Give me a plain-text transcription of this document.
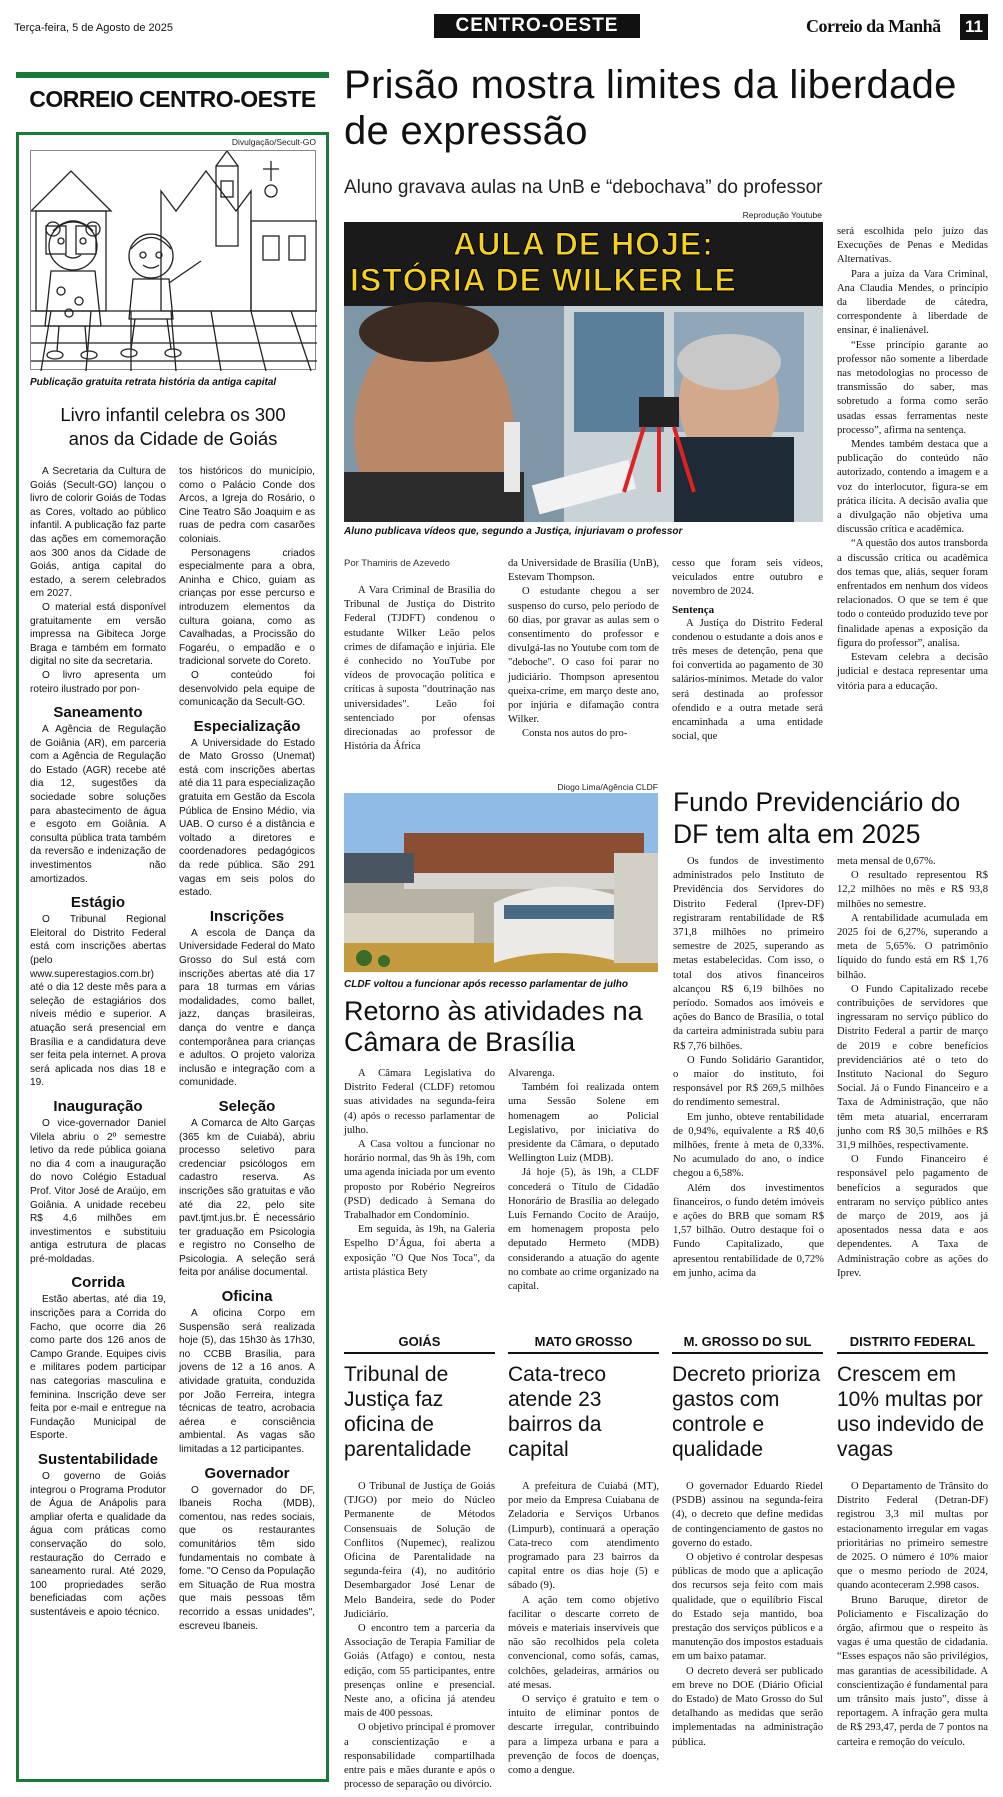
Terça-feira, 5 de Agosto de 2025	CENTRO-OESTE	Correio da Manhã 11
CORREIO CENTRO-OESTE
Divulgação/Secult-GO
Publicação gratuita retrata história da antiga capital
Livro infantil celebra os 300 anos da Cidade de Goiás

A Secretaria da Cultura de Goiás (Secult-GO) lançou o livro de colorir Goiás de Todas as Cores, voltado ao público infantil. A publicação faz parte das ações em comemoração aos 300 anos da Cidade de Goiás, antiga capital do estado, a serem celebrados em 2027.

O material está disponível gratuitamente em versão impressa na Gibiteca Jorge Braga e também em formato digital no site da secretaria.

O livro apresenta um roteiro ilustrado por pon-

Saneamento

A Agência de Regulação de Goiânia (AR), em parceria com a Agência de Regulação do Estado (AGR) recebe até dia 12, sugestões da sociedade sobre soluções para abastecimento de água e esgoto em Goiânia. A consulta pública trata também da reversão e indenização de investimentos não amortizados.

Estágio

O Tribunal Regional Eleitoral do Distrito Federal está com inscrições abertas (pelo www.superestagios.com.br) até o dia 12 deste mês para a seleção de estagiários dos níveis médio e superior. A atuação será presencial em Brasília e a candidatura deve ser feita pela internet. A prova será aplicada nos dias 18 e 19.

Inauguração

O vice-governador Daniel Vilela abriu o 2º semestre letivo da rede pública goiana no dia 4 com a inauguração do novo Colégio Estadual Prof. Vitor José de Araújo, em Goiânia. A unidade recebeu R$ 4,6 milhões em investimentos e substituiu antiga estrutura de placas pré-moldadas.

Corrida

Estão abertas, até dia 19, inscrições para a Corrida do Facho, que ocorre dia 26 como parte dos 126 anos de Campo Grande. Equipes civis e militares podem participar nas categorias masculina e feminina. Inscrição deve ser feita por e-mail e entregue na Fundação Municipal de Esporte.

Sustentabilidade

O governo de Goiás integrou o Programa Produtor de Água de Anápolis para ampliar oferta e qualidade da água com práticas como conservação do solo, restauração do Cerrado e saneamento rural. Até 2029, 100 propriedades serão beneficiadas com ações sustentáveis e apoio técnico.

tos históricos do município, como o Palácio Conde dos Arcos, a Igreja do Rosário, o Cine Teatro São Joaquim e as ruas de pedra com casarões coloniais.

Personagens criados especialmente para a obra, Aninha e Chico, guiam as crianças por esse percurso e introduzem elementos da cultura goiana, como as Cavalhadas, a Procissão do Fogaréu, o empadão e o tradicional sorvete do Coreto.

O conteúdo foi desenvolvido pela equipe de comunicação da Secult-GO.

Especialização

A Universidade do Estado de Mato Grosso (Unemat) está com inscrições abertas até dia 11 para especialização gratuita em Gestão da Escola Pública de Ensino Médio, via UAB. O curso é a distância e voltado a diretores e coordenadores pedagógicos da rede pública. São 291 vagas em seis polos do estado.

Inscrições

A escola de Dança da Universidade Federal do Mato Grosso do Sul está com inscrições abertas até dia 17 para 18 turmas em várias modalidades, como ballet, jazz, danças brasileiras, dança do ventre e dança contemporânea para crianças e adultos. O projeto valoriza inclusão e integração com a comunidade.

Seleção

A Comarca de Alto Garças (365 km de Cuiabá), abriu processo seletivo para credenciar psicólogos em cadastro reserva. As inscrições são gratuitas e vão até dia 22, pelo site pavt.tjmt.jus.br. É necessário ter graduação em Psicologia e registro no Conselho de Psicologia. A seleção será feita por análise documental.

Oficina

A oficina Corpo em Suspensão será realizada hoje (5), das 15h30 às 17h30, no CCBB Brasília, para jovens de 12 a 16 anos. A atividade gratuita, conduzida por João Ferreira, integra técnicas de teatro, acrobacia aérea e consciência ambiental. As vagas são limitadas a 12 participantes.

Governador

O governador do DF, Ibaneis Rocha (MDB), comentou, nas redes sociais, que os restaurantes comunitários têm sido fundamentais no combate à fome. "O Censo da População em Situação de Rua mostra que mais pessoas têm recorrido a essas unidades", escreveu Ibaneis.

Prisão mostra limites da liberdade de expressão
Aluno gravava aulas na UnB e “debochava” do professor
Reprodução Youtube
AULA DE HOJE:
ISTÓRIA DE WILKER LE
Aluno publicava vídeos que, segundo a Justiça, injuriavam o professor
Por Thamiris de Azevedo

A Vara Criminal de Brasília do Tribunal de Justiça do Distrito Federal (TJDFT) condenou o estudante Wilker Leão pelos crimes de difamação e injúria. Ele é conhecido no YouTube por vídeos de provocação política e críticas à suposta "doutrinação nas universidades". Leão foi sentenciado por ofensas direcionadas ao professor de História da África

da Universidade de Brasília (UnB), Estevam Thompson.

O estudante chegou a ser suspenso do curso, pelo período de 60 dias, por gravar as aulas sem o consentimento do professor e divulgá-las no Youtube com tom de "deboche". O caso foi parar no judiciário. Thompson apresentou queixa-crime, em março deste ano, por injúria e difamação contra Wilker.

Consta nos autos do pro-

cesso que foram seis vídeos, veiculados entre outubro e novembro de 2024.

Sentença

A Justiça do Distrito Federal condenou o estudante a dois anos e três meses de detenção, pena que foi convertida ao pagamento de 30 salários-mínimos. Metade do valor será destinada ao professor ofendido e a outra metade será encaminhada a uma entidade social, que

será escolhida pelo juízo das Execuções de Penas e Medidas Alternativas.

Para a juíza da Vara Criminal, Ana Claudia Mendes, o princípio da liberdade de cátedra, correspondente à liberdade de ensinar, é inalienável.

“Esse princípio garante ao professor não somente a liberdade nas metodologias no processo de transmissão do saber, mas sobretudo a forma como serão usadas essas ferramentas neste processo”, afirma na sentença.

Mendes também destaca que a publicação do conteúdo não autorizado, contendo a imagem e a voz do interlocutor, figura-se em prática ilícita. A decisão avalia que a divulgação não objetiva uma discussão crítica e acadêmica.

“A questão dos autos transborda a discussão crítica ou acadêmica dos temas que, aliás, sequer foram enfrentados em nenhum dos vídeos relacionados. O que se tem é que todo o conteúdo produzido teve por finalidade apenas a exposição da figura do professor”, analisa.

Estevam celebra a decisão judicial e destaca representar uma vitória para a educação.

Diogo Lima/Agência CLDF
CLDF voltou a funcionar após recesso parlamentar de julho
Retorno às atividades na Câmara de Brasília

A Câmara Legislativa do Distrito Federal (CLDF) retomou suas atividades na segunda-feira (4) após o recesso parlamentar de julho.

A Casa voltou a funcionar no horário normal, das 9h às 19h, com uma agenda iniciada por um evento proposto por Robério Negreiros (PSD) dedicado à Semana do Trabalhador em Condomínio.

Em seguida, às 19h, na Galeria Espelho D’Água, foi aberta a exposição "O Que Nos Toca", da artista plástica Bety

Alvarenga.

Também foi realizada ontem uma Sessão Solene em homenagem ao Policial Legislativo, por iniciativa do presidente da Câmara, o deputado Wellington Luiz (MDB).

Já hoje (5), às 19h, a CLDF concederá o Título de Cidadão Honorário de Brasília ao delegado Luís Fernando Cocito de Araújo, em homenagem proposta pelo deputado Hermeto (MDB) considerando a atuação do agente no combate ao crime organizado na capital.

Fundo Previdenciário do DF tem alta em 2025

Os fundos de investimento administrados pelo Instituto de Previdência dos Servidores do Distrito Federal (Iprev-DF) registraram rentabilidade de R$ 371,8 milhões no primeiro semestre de 2025, superando as metas estabelecidas. Com isso, o total dos ativos financeiros alcançou R$ 6,19 bilhões no período. Somados aos imóveis e ações do Banco de Brasília, o total da carteira administrada subiu para R$ 7,76 bilhões.

O Fundo Solidário Garantidor, o maior do instituto, foi responsável por R$ 269,5 milhões do rendimento semestral.

Em junho, obteve rentabilidade de 0,94%, equivalente a R$ 40,6 milhões, frente à meta de 0,33%. No acumulado do ano, o índice chegou a 6,58%.

Além dos investimentos financeiros, o fundo detém imóveis e ações do BRB que somam R$ 1,57 bilhão. Outro destaque foi o Fundo Capitalizado, que apresentou rentabilidade de 0,72% em junho, acima da

meta mensal de 0,67%.

O resultado representou R$ 12,2 milhões no mês e R$ 93,8 milhões no semestre.

A rentabilidade acumulada em 2025 foi de 6,27%, superando a meta de 5,65%. O patrimônio líquido do fundo está em R$ 1,76 bilhão.

O Fundo Capitalizado recebe contribuições de servidores que ingressaram no serviço público do Distrito Federal a partir de março de 2019 e cobre benefícios previdenciários até o teto do Instituto Nacional do Seguro Social. Já o Fundo Financeiro e a Taxa de Administração, que não têm meta atuarial, encerraram junho com R$ 30,5 milhões e R$ 31,9 milhões, respectivamente.

O Fundo Financeiro é responsável pelo pagamento de benefícios a segurados que entraram no serviço público antes de março de 2019, aos já aposentados nessa data e aos dependentes. A Taxa de Administração cobre as ações do Iprev.

GOIÁS
Tribunal de Justiça faz oficina de parentalidade

O Tribunal de Justiça de Goiás (TJGO) por meio do Núcleo Permanente de Métodos Consensuais de Solução de Conflitos (Nupemec), realizou Oficina de Parentalidade na segunda-feira (4), no auditório Desembargador José Lenar de Melo Bandeira, sede do Poder Judiciário.

O encontro tem a parceria da Associação de Terapia Familiar de Goiás (Atfago) e contou, nesta edição, com 55 participantes, entre presenças online e presencial. Neste ano, a oficina já atendeu mais de 400 pessoas.

O objetivo principal é promover a conscientização e a responsabilidade compartilhada entre pais e mães durante e após o processo de separação ou divórcio.

MATO GROSSO
Cata-treco atende 23 bairros da capital

A prefeitura de Cuiabá (MT), por meio da Empresa Cuiabana de Zeladoria e Serviços Urbanos (Limpurb), continuará a operação Cata-treco com atendimento programado para 23 bairros da capital entre os dias hoje (5) e sábado (9).

A ação tem como objetivo facilitar o descarte correto de móveis e materiais inservíveis que não são recolhidos pela coleta convencional, como sofás, camas, colchões, geladeiras, armários ou até mesas.

O serviço é gratuito e tem o intuito de eliminar pontos de descarte irregular, contribuindo para a limpeza urbana e para a prevenção de focos de doenças, como a dengue.

M. GROSSO DO SUL
Decreto prioriza gastos com controle e qualidade

O governador Eduardo Riedel (PSDB) assinou na segunda-feira (4), o decreto que define medidas de contingenciamento de gastos no governo do estado.

O objetivo é controlar despesas públicas de modo que a aplicação dos recursos seja feito com mais qualidade, que o equilíbrio Fiscal do Estado seja mantido, boa prestação dos serviços públicos e a manutenção dos impostos estaduais em um baixo patamar.

O decreto deverá ser publicado em breve no DOE (Diário Oficial do Estado) de Mato Grosso do Sul detalhando as medidas que serão implementadas na administração pública.

DISTRITO FEDERAL
Crescem em 10% multas por uso indevido de vagas

O Departamento de Trânsito do Distrito Federal (Detran-DF) registrou 3,3 mil multas por estacionamento irregular em vagas prioritárias no primeiro semestre de 2025. O número é 10% maior que o mesmo período de 2024, quando aconteceram 2.998 casos.

Bruno Baruque, diretor de Policiamento e Fiscalização do órgão, afirmou que o respeito às vagas é uma questão de cidadania. “Esses espaços não são privilégios, mas garantias de acessibilidade. A conscientização é fundamental para um trânsito mais justo”, disse à reportagem. A infração gera multa de R$ 293,47, perda de 7 pontos na carteira e remoção do veículo.
